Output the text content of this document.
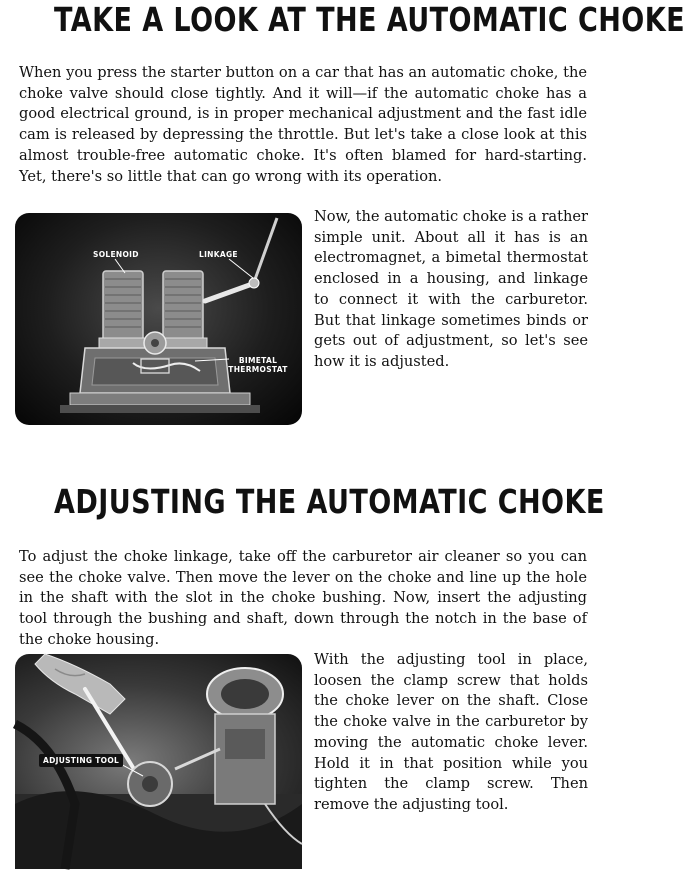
TAKE A LOOK AT THE AUTOMATIC CHOKE

When you press the starter button on a car that has an automatic choke, the choke valve should close tightly. And it will—if the automatic choke has a good electrical ground, is in proper mechanical adjustment and the fast idle cam is released by depressing the throttle. But let's take a close look at this almost trouble-free automatic choke. It's often blamed for hard-starting. Yet, there's so little that can go wrong with its operation.

SOLENOID	LINKAGE
BIMETAL THERMOSTAT

Now, the automatic choke is a rather simple unit. About all it has is an electromagnet, a bimetal thermostat enclosed in a housing, and linkage to connect it with the carburetor. But that linkage sometimes binds or gets out of adjustment, so let's see how it is adjusted.

ADJUSTING THE AUTOMATIC CHOKE

To adjust the choke linkage, take off the carburetor air cleaner so you can see the choke valve. Then move the lever on the choke and line up the hole in the shaft with the slot in the choke bushing. Now, insert the adjusting tool through the bushing and shaft, down through the notch in the base of the choke housing.

ADJUSTING TOOL

With the adjusting tool in place, loosen the clamp screw that holds the choke lever on the shaft. Close the choke valve in the carburetor by moving the automatic choke lever. Hold it in that position while you tighten the clamp screw. Then remove the adjusting tool.
